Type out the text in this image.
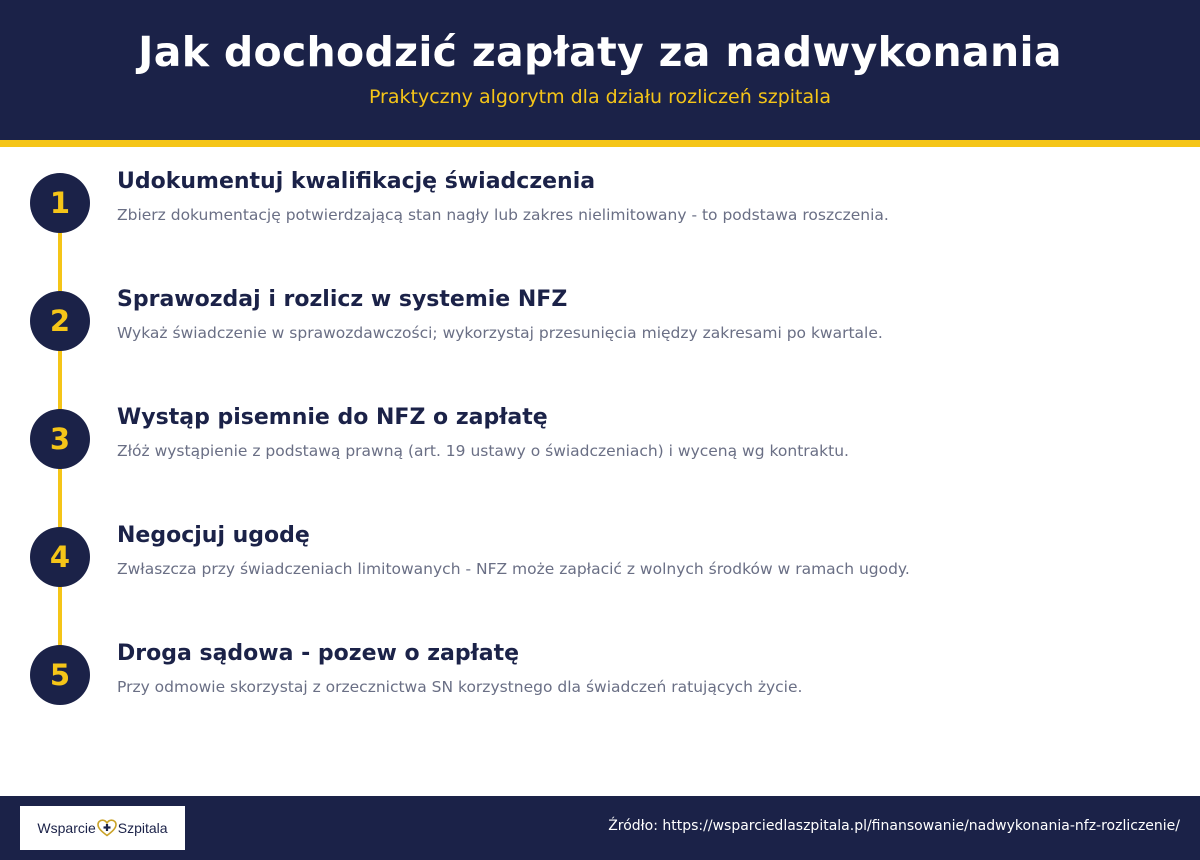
Jak dochodzić zapłaty za nadwykonania
Praktyczny algorytm dla działu rozliczeń szpitala
1
Udokumentuj kwalifikację świadczenia
Zbierz dokumentację potwierdzającą stan nagły lub zakres nielimitowany - to podstawa roszczenia.
2
Sprawozdaj i rozlicz w systemie NFZ
Wykaż świadczenie w sprawozdawczości; wykorzystaj przesunięcia między zakresami po kwartale.
3
Wystąp pisemnie do NFZ o zapłatę
Złóż wystąpienie z podstawą prawną (art. 19 ustawy o świadczeniach) i wyceną wg kontraktu.
4
Negocjuj ugodę
Zwłaszcza przy świadczeniach limitowanych - NFZ może zapłacić z wolnych środków w ramach ugody.
5
Droga sądowa - pozew o zapłatę
Przy odmowie skorzystaj z orzecznictwa SN korzystnego dla świadczeń ratujących życie.
Wsparcie Szpitala	Źródło: https://wsparciedlaszpitala.pl/finansowanie/nadwykonania-nfz-rozliczenie/
